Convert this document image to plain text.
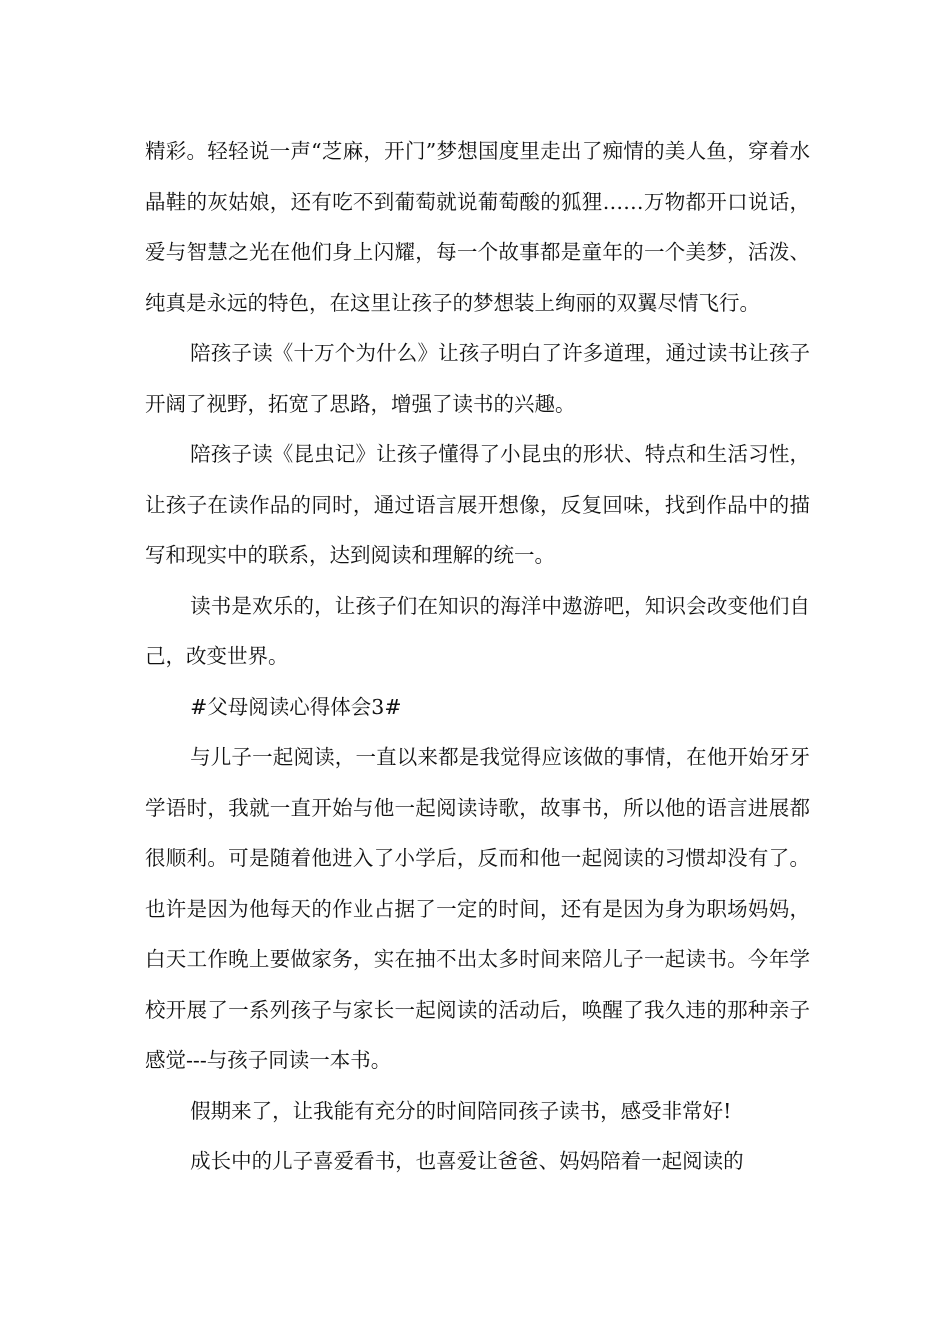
精彩。轻轻说一声“芝麻，开门”梦想国度里走出了痴情的美人鱼，穿着水晶鞋的灰姑娘，还有吃不到葡萄就说葡萄酸的狐狸……万物都开口说话，爱与智慧之光在他们身上闪耀，每一个故事都是童年的一个美梦，活泼、纯真是永远的特色，在这里让孩子的梦想装上绚丽的双翼尽情飞行。

陪孩子读《十万个为什么》让孩子明白了许多道理，通过读书让孩子开阔了视野，拓宽了思路，增强了读书的兴趣。

陪孩子读《昆虫记》让孩子懂得了小昆虫的形状、特点和生活习性，让孩子在读作品的同时，通过语言展开想像，反复回味，找到作品中的描写和现实中的联系，达到阅读和理解的统一。

读书是欢乐的，让孩子们在知识的海洋中遨游吧，知识会改变他们自己，改变世界。

#父母阅读心得体会3#

与儿子一起阅读，一直以来都是我觉得应该做的事情，在他开始牙牙学语时，我就一直开始与他一起阅读诗歌，故事书，所以他的语言进展都很顺利。可是随着他进入了小学后，反而和他一起阅读的习惯却没有了。也许是因为他每天的作业占据了一定的时间，还有是因为身为职场妈妈，白天工作晚上要做家务，实在抽不出太多时间来陪儿子一起读书。今年学校开展了一系列孩子与家长一起阅读的活动后，唤醒了我久违的那种亲子感觉---与孩子同读一本书。

假期来了，让我能有充分的时间陪同孩子读书，感受非常好!

成长中的儿子喜爱看书，也喜爱让爸爸、妈妈陪着一起阅读的
